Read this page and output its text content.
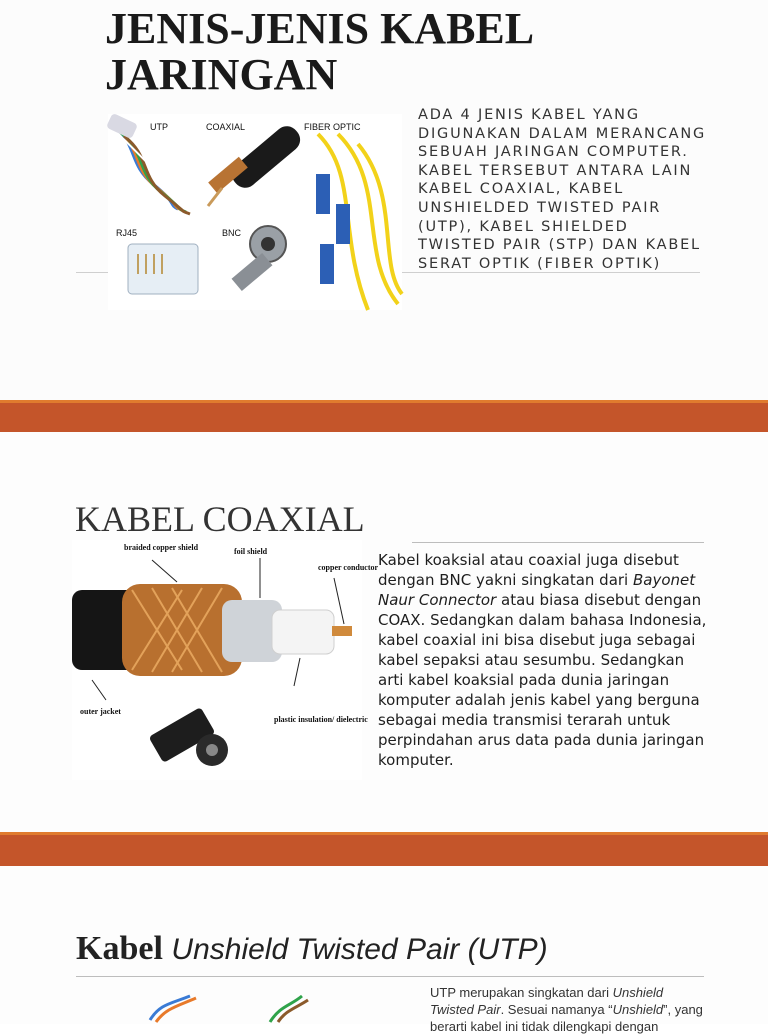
JENIS-JENIS KABEL JARINGAN
UTP	COAXIAL	FIBER OPTIC
RJ45	BNC

ADA 4 JENIS KABEL YANG DIGUNAKAN DALAM MERANCANG SEBUAH JARINGAN COMPUTER. KABEL TERSEBUT ANTARA LAIN KABEL COAXIAL, KABEL UNSHIELDED TWISTED PAIR (UTP), KABEL SHIELDED TWISTED PAIR (STP) DAN KABEL SERAT OPTIK (FIBER OPTIK)

KABEL COAXIAL
braided copper shield	foil shield copper conductor outer jacket plastic insulation/ dielectric

Kabel koaksial atau coaxial juga disebut dengan BNC yakni singkatan dari Bayonet Naur Connector atau biasa disebut dengan COAX. Sedangkan dalam bahasa Indonesia, kabel coaxial ini bisa disebut juga sebagai kabel sepaksi atau sesumbu. Sedangkan arti kabel koaksial pada dunia jaringan komputer adalah jenis kabel yang berguna sebagai media transmisi terarah untuk perpindahan arus data pada dunia jaringan komputer.

Kabel Unshield Twisted Pair (UTP)

UTP merupakan singkatan dari Unshield Twisted Pair. Sesuai namanya “Unshield”, yang berarti kabel ini tidak dilengkapi dengan
